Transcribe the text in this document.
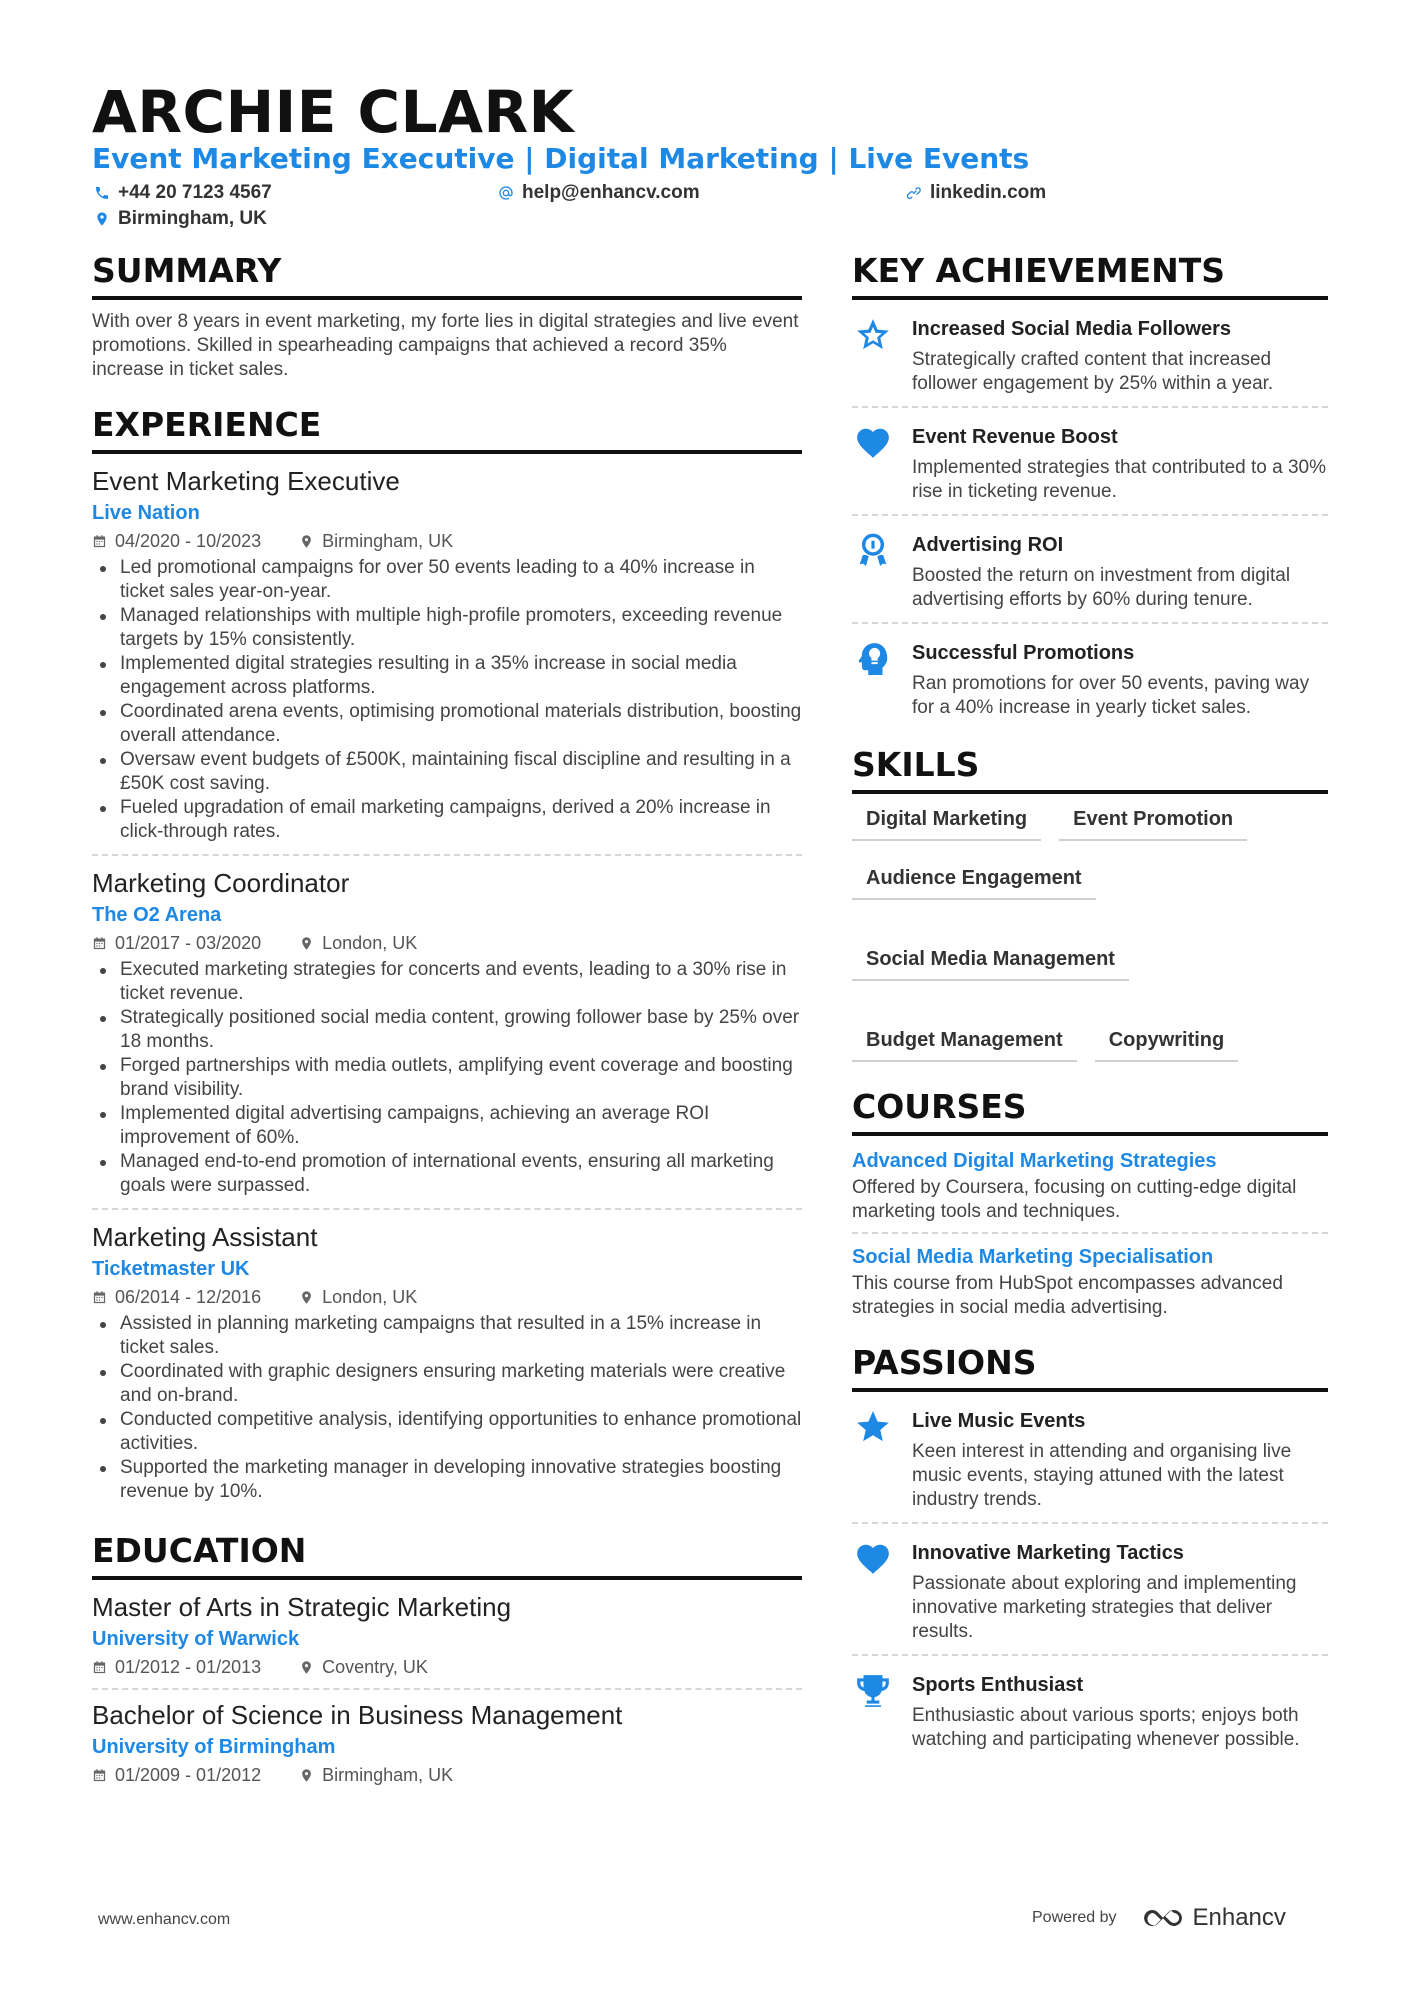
ARCHIE CLARK
Event Marketing Executive | Digital Marketing | Live Events
+44 20 7123 4567	help@enhancv.com	linkedin.com
Birmingham, UK
SUMMARY
With over 8 years in event marketing, my forte lies in digital strategies and live event promotions. Skilled in spearheading campaigns that achieved a record 35% increase in ticket sales.
EXPERIENCE
Event Marketing Executive
Live Nation
04/2020 - 10/2023	Birmingham, UK
Led promotional campaigns for over 50 events leading to a 40% increase in ticket sales year-on-year.
Managed relationships with multiple high-profile promoters, exceeding revenue targets by 15% consistently.
Implemented digital strategies resulting in a 35% increase in social media engagement across platforms.
Coordinated arena events, optimising promotional materials distribution, boosting overall attendance.
Oversaw event budgets of £500K, maintaining fiscal discipline and resulting in a £50K cost saving.
Fueled upgradation of email marketing campaigns, derived a 20% increase in click-through rates.
Marketing Coordinator
The O2 Arena
01/2017 - 03/2020	London, UK
Executed marketing strategies for concerts and events, leading to a 30% rise in ticket revenue.
Strategically positioned social media content, growing follower base by 25% over 18 months.
Forged partnerships with media outlets, amplifying event coverage and boosting brand visibility.
Implemented digital advertising campaigns, achieving an average ROI improvement of 60%.
Managed end-to-end promotion of international events, ensuring all marketing goals were surpassed.
Marketing Assistant
Ticketmaster UK
06/2014 - 12/2016	London, UK
Assisted in planning marketing campaigns that resulted in a 15% increase in ticket sales.
Coordinated with graphic designers ensuring marketing materials were creative and on-brand.
Conducted competitive analysis, identifying opportunities to enhance promotional activities.
Supported the marketing manager in developing innovative strategies boosting revenue by 10%.
EDUCATION
Master of Arts in Strategic Marketing
University of Warwick
01/2012 - 01/2013	Coventry, UK
Bachelor of Science in Business Management
University of Birmingham
01/2009 - 01/2012	Birmingham, UK
KEY ACHIEVEMENTS
Increased Social Media Followers
Strategically crafted content that increased follower engagement by 25% within a year.
Event Revenue Boost
Implemented strategies that contributed to a 30% rise in ticketing revenue.
Advertising ROI
Boosted the return on investment from digital advertising efforts by 60% during tenure.
Successful Promotions
Ran promotions for over 50 events, paving way for a 40% increase in yearly ticket sales.
SKILLS
Digital Marketing	Event Promotion
Audience Engagement
Social Media Management
Budget Management	Copywriting
COURSES
Advanced Digital Marketing Strategies
Offered by Coursera, focusing on cutting-edge digital marketing tools and techniques.
Social Media Marketing Specialisation
This course from HubSpot encompasses advanced strategies in social media advertising.
PASSIONS
Live Music Events
Keen interest in attending and organising live music events, staying attuned with the latest industry trends.
Innovative Marketing Tactics
Passionate about exploring and implementing innovative marketing strategies that deliver results.
Sports Enthusiast
Enthusiastic about various sports; enjoys both watching and participating whenever possible.
www.enhancv.com	Powered by	Enhancv
